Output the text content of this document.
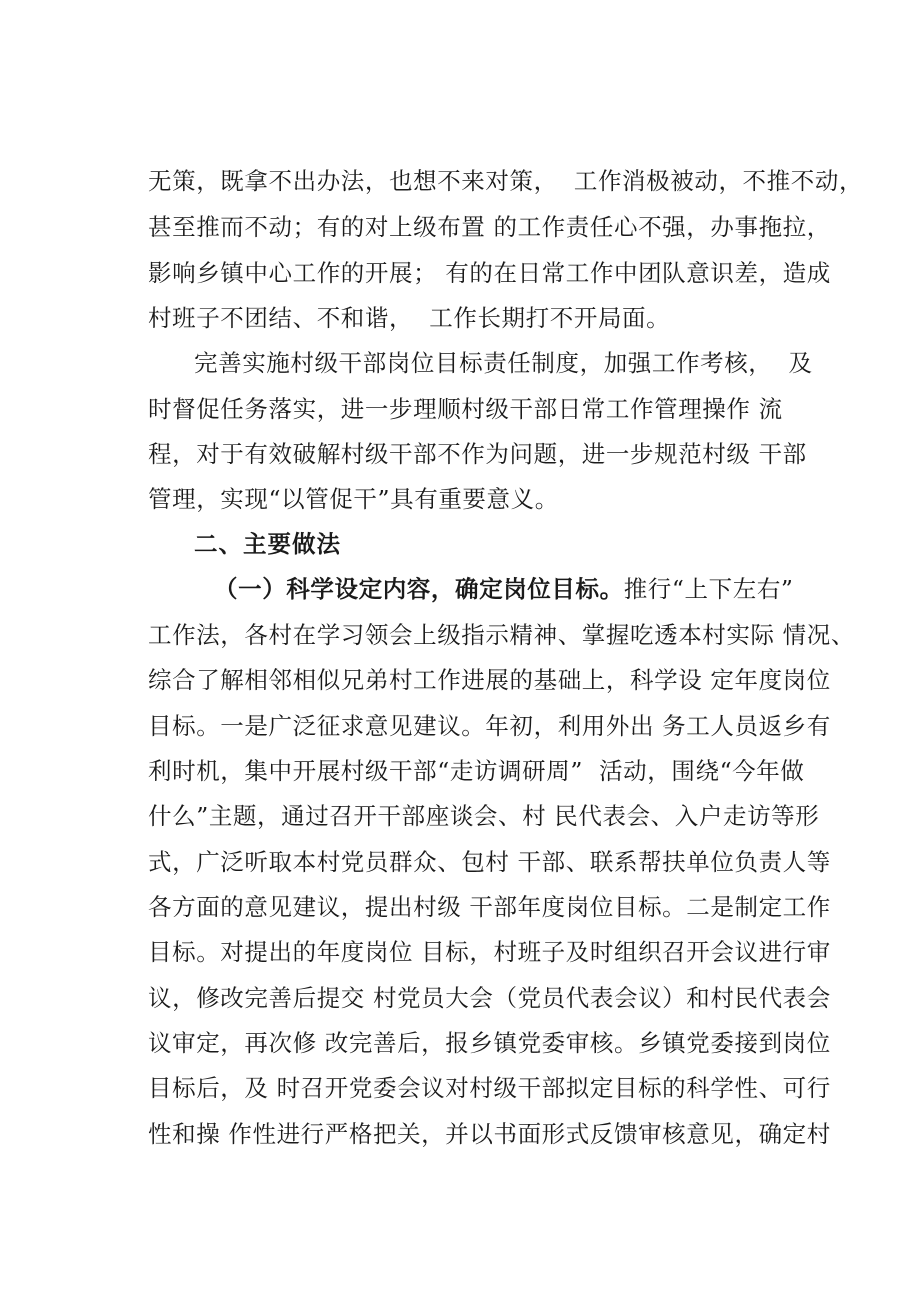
无策，既拿不出办法，也想不来对策，  工作消极被动，不推不动，
甚至推而不动；有的对上级布置 的工作责任心不强，办事拖拉，
影响乡镇中心工作的开展； 有的在日常工作中团队意识差，造成
村班子不团结、不和谐，  工作长期打不开局面。
完善实施村级干部岗位目标责任制度，加强工作考核，  及
时督促任务落实，进一步理顺村级干部日常工作管理操作 流
程，对于有效破解村级干部不作为问题，进一步规范村级 干部
管理，实现“以管促干”具有重要意义。
二、主要做法
（一）科学设定内容，确定岗位目标。推行“上下左右”
工作法，各村在学习领会上级指示精神、掌握吃透本村实际 情况、
综合了解相邻相似兄弟村工作进展的基础上，科学设 定年度岗位
目标。一是广泛征求意见建议。年初，利用外出 务工人员返乡有
利时机，集中开展村级干部“走访调研周”  活动，围绕“今年做
什么”主题，通过召开干部座谈会、村 民代表会、入户走访等形
式，广泛听取本村党员群众、包村 干部、联系帮扶单位负责人等
各方面的意见建议，提出村级 干部年度岗位目标。二是制定工作
目标。对提出的年度岗位 目标，村班子及时组织召开会议进行审
议，修改完善后提交 村党员大会（党员代表会议）和村民代表会
议审定，再次修 改完善后，报乡镇党委审核。乡镇党委接到岗位
目标后，及 时召开党委会议对村级干部拟定目标的科学性、可行
性和操 作性进行严格把关，并以书面形式反馈审核意见，确定村
